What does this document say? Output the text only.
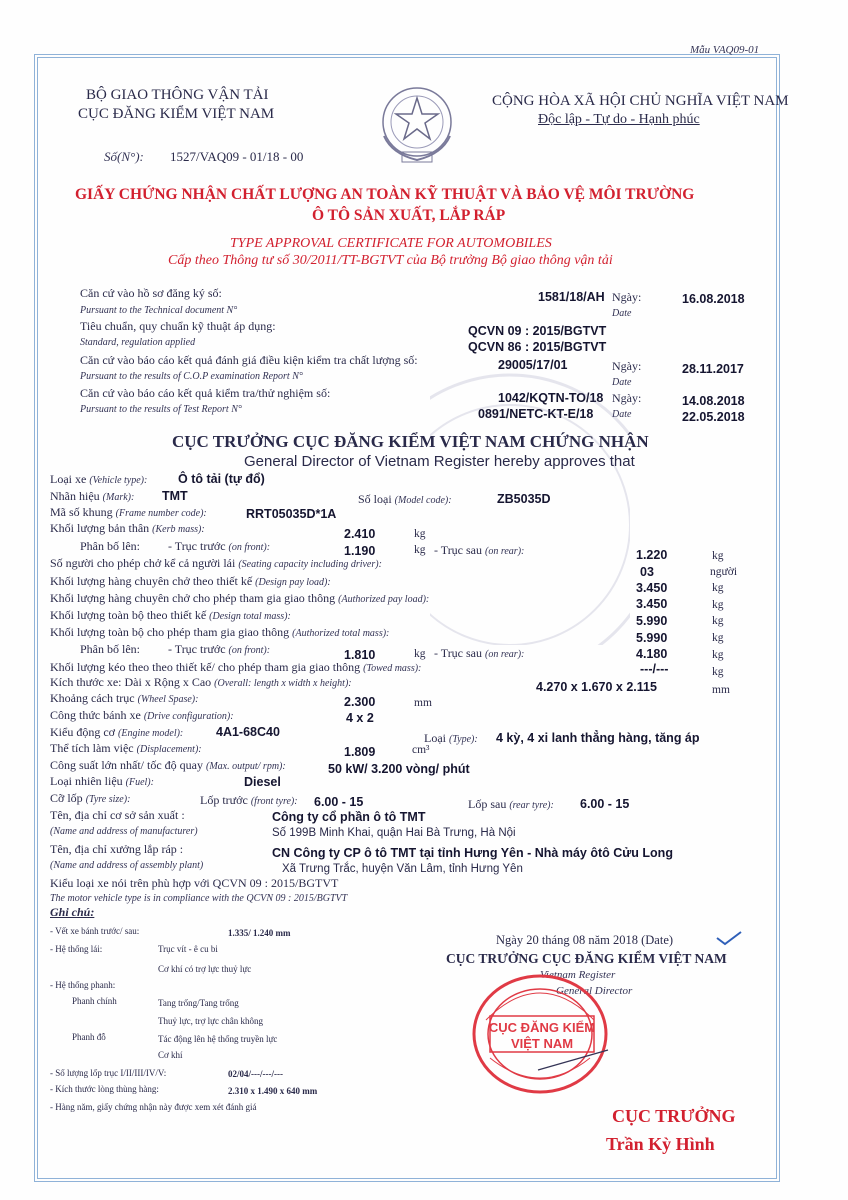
Mẫu VAQ09-01
BỘ GIAO THÔNG VẬN TẢI
CỤC ĐĂNG KIỂM VIỆT NAM
CỘNG HÒA XÃ HỘI CHỦ NGHĨA VIỆT NAM
Độc lập - Tự do - Hạnh phúc
Số(N°): 1527/VAQ09 - 01/18 - 00
GIẤY CHỨNG NHẬN CHẤT LƯỢNG AN TOÀN KỸ THUẬT VÀ BẢO VỆ MÔI TRƯỜNG
Ô TÔ SẢN XUẤT, LẮP RÁP
TYPE APPROVAL CERTIFICATE FOR AUTOMOBILES
Cấp theo Thông tư số 30/2011/TT-BGTVT của Bộ trưởng Bộ giao thông vận tải
Căn cứ vào hồ sơ đăng ký số:
Pursuant to the Technical document N°
1581/18/AH Ngày:
Date
16.08.2018
Tiêu chuẩn, quy chuẩn kỹ thuật áp dụng:
Standard, regulation applied
QCVN 09 : 2015/BGTVT
QCVN 86 : 2015/BGTVT
Căn cứ vào báo cáo kết quả đánh giá điều kiện kiểm tra chất lượng số:
Pursuant to the results of C.O.P examination Report N°
29005/17/01	Ngày:
Date
28.11.2017
Căn cứ vào báo cáo kết quả kiểm tra/thử nghiệm số:
Pursuant to the results of Test Report N°
1042/KQTN-TO/18
0891/NETC-KT-E/18
Ngày:
Date
14.08.2018
22.05.2018
CỤC TRƯỞNG CỤC ĐĂNG KIỂM VIỆT NAM CHỨNG NHẬN
General Director of Vietnam Register hereby approves that
Loại xe (Vehicle type): Ô tô tải (tự đổ)
Nhãn hiệu (Mark): TMT	Số loại (Model code):	ZB5035D
Mã số khung (Frame number code):	RRT05035D*1A
Khối lượng bản thân (Kerb mass):	2.410	kg
Phân bố lên: - Trục trước (on front):	1.190	kg - Trục sau (on rear):	1.220	kg
Số người cho phép chở kể cả người lái (Seating capacity including driver):
03	người
Khối lượng hàng chuyên chở theo thiết kế (Design pay load):	3.450	kg
Khối lượng hàng chuyên chở cho phép tham gia giao thông (Authorized pay load):	3.450	kg
Khối lượng toàn bộ theo thiết kế (Design total mass):	5.990	kg
Khối lượng toàn bộ cho phép tham gia giao thông (Authorized total mass):	5.990	kg
Phân bố lên: - Trục trước (on front):	1.810	kg - Trục sau (on rear):	4.180	kg
Khối lượng kéo theo theo thiết kế/ cho phép tham gia giao thông (Towed mass):	---/---	kg
Kích thước xe: Dài x Rộng x Cao (Overall: length x width x height):	4.270 x 1.670 x 2.115	mm
Khoảng cách trục (Wheel Spase):	2.300	mm
Công thức bánh xe (Drive configuration):	4 x 2
Kiểu động cơ (Engine model):	4A1-68C40	Loại (Type): 4 kỳ, 4 xi lanh thẳng hàng, tăng áp
Thể tích làm việc (Displacement):	1.809	cm³
Công suất lớn nhất/ tốc độ quay (Max. output/ rpm):	50 kW/ 3.200 vòng/ phút
Loại nhiên liệu (Fuel):	Diesel
Cỡ lốp (Tyre size):	Lốp trước (front tyre): 6.00 - 15	Lốp sau (rear tyre): 6.00 - 15
Tên, địa chỉ cơ sở sản xuất :
(Name and address of manufacturer)
Công ty cổ phần ô tô TMT
Số 199B Minh Khai, quận Hai Bà Trưng, Hà Nội
Tên, địa chỉ xưởng lắp ráp :
(Name and address of assembly plant)
CN Công ty CP ô tô TMT tại tỉnh Hưng Yên - Nhà máy ôtô Cửu Long
Xã Trưng Trắc, huyện Văn Lâm, tỉnh Hưng Yên
Kiểu loại xe nói trên phù hợp với QCVN 09 : 2015/BGTVT
The motor vehicle type is in compliance with the QCVN 09 : 2015/BGTVT
Ghi chú:
- Vết xe bánh trước/ sau:	1.335/ 1.240 mm
- Hệ thống lái:	Trục vít - ê cu bi
Cơ khí có trợ lực thuỷ lực
- Hệ thống phanh:
Phanh chính	Tang trống/Tang trống
Thuỷ lực, trợ lực chân không
Phanh đỗ	Tác động lên hệ thống truyền lực
Cơ khí
- Số lượng lốp trục I/II/III/IV/V:	02/04/---/---/---
- Kích thước lòng thùng hàng:	2.310 x 1.490 x 640 mm
- Hàng năm, giấy chứng nhận này được xem xét đánh giá
Ngày 20 tháng 08 năm 2018 (Date)
CỤC TRƯỞNG CỤC ĐĂNG KIỂM VIỆT NAM
Vietnam Register
General Director
CỤC ĐĂNG KIỂM
VIỆT NAM
CỤC TRƯỞNG
Trần Kỳ Hình
